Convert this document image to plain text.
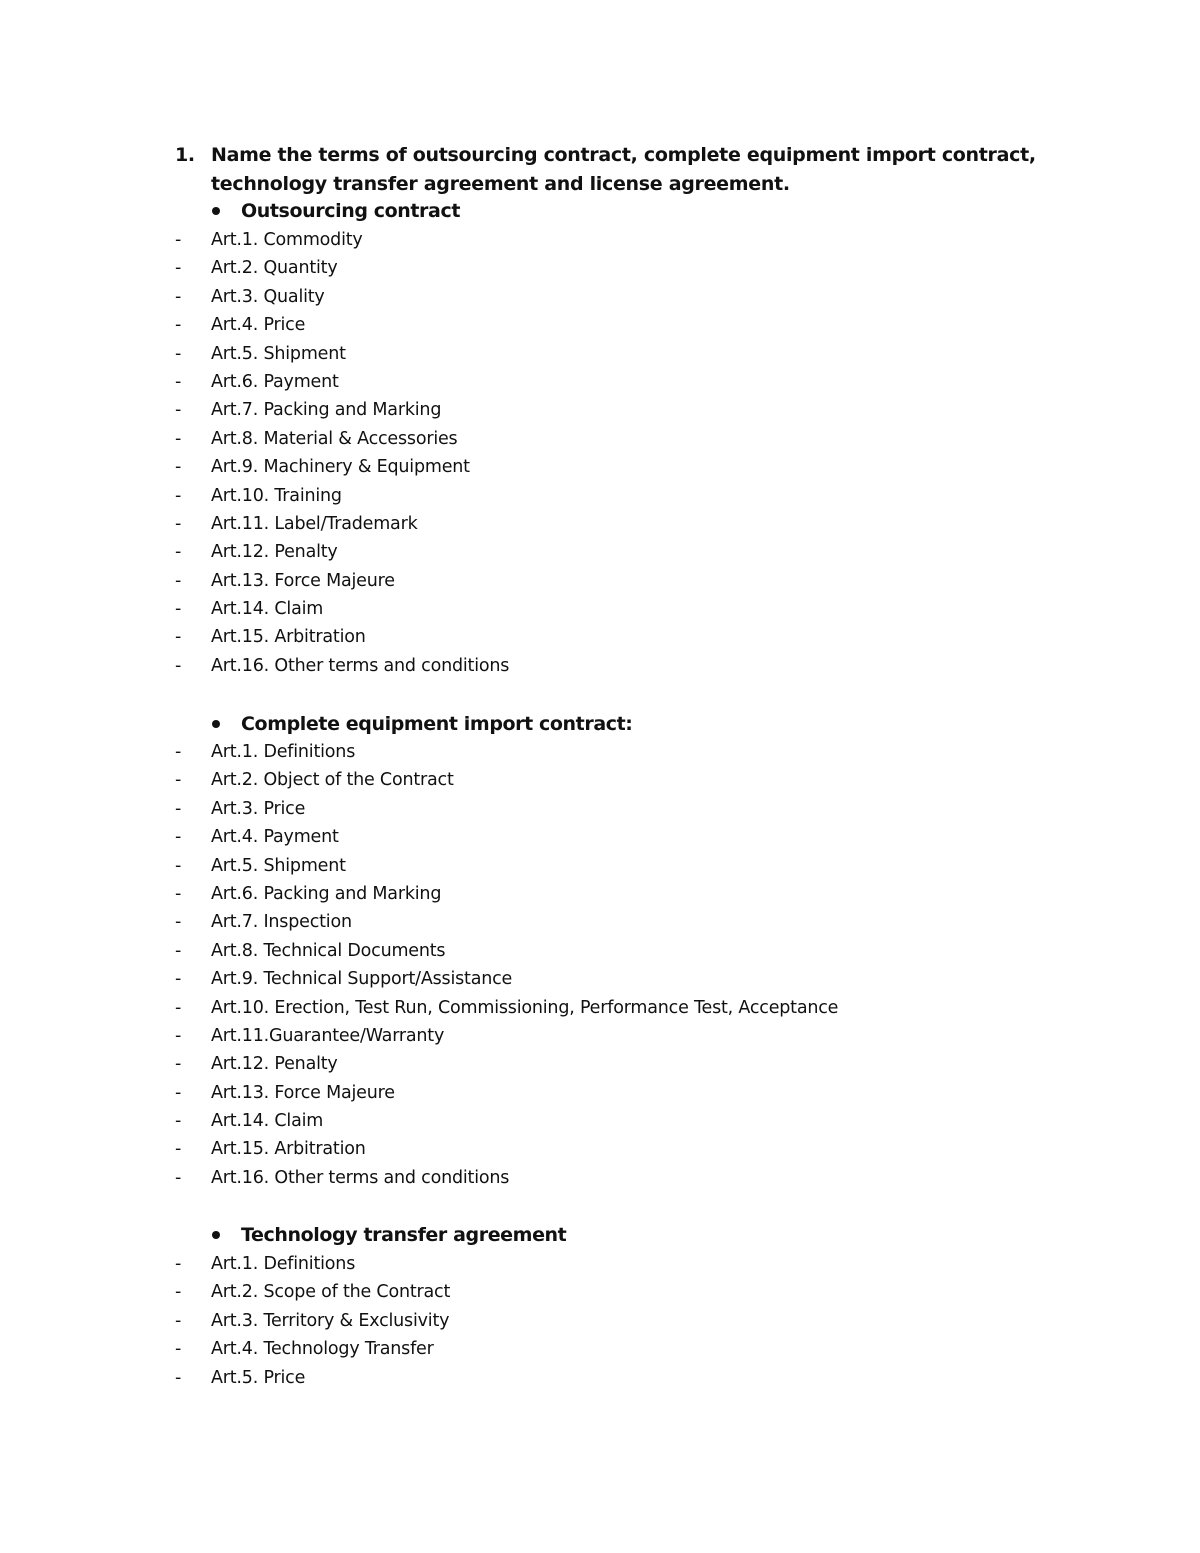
1. Name the terms of outsourcing contract, complete equipment import contract, technology transfer agreement and license agreement.
Outsourcing contract
-	Art.1. Commodity
-	Art.2. Quantity
-	Art.3. Quality
-	Art.4. Price
-	Art.5. Shipment
-	Art.6. Payment
-	Art.7. Packing and Marking
-	Art.8. Material & Accessories
-	Art.9. Machinery & Equipment
-	Art.10. Training
-	Art.11. Label/Trademark
-	Art.12. Penalty
-	Art.13. Force Majeure
-	Art.14. Claim
-	Art.15. Arbitration
-	Art.16. Other terms and conditions
Complete equipment import contract:
-	Art.1. Definitions
-	Art.2. Object of the Contract
-	Art.3. Price
-	Art.4. Payment
-	Art.5. Shipment
-	Art.6. Packing and Marking
-	Art.7. Inspection
-	Art.8. Technical Documents
-	Art.9. Technical Support/Assistance
-	Art.10. Erection, Test Run, Commissioning, Performance Test, Acceptance
-	Art.11.Guarantee/Warranty
-	Art.12. Penalty
-	Art.13. Force Majeure
-	Art.14. Claim
-	Art.15. Arbitration
-	Art.16. Other terms and conditions
Technology transfer agreement
-	Art.1. Definitions
-	Art.2. Scope of the Contract
-	Art.3. Territory & Exclusivity
-	Art.4. Technology Transfer
-	Art.5. Price
